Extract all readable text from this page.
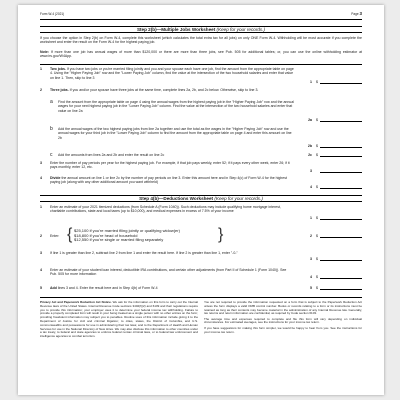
Form W-4 (2021)	Page 3
Step 2(b)—Multiple Jobs Worksheet (Keep for your records.)
If you choose the option in Step 2(b) on Form W-4, complete this worksheet (which calculates the total extra tax for all jobs) on only ONE Form W-4. Withholding will be most accurate if you complete the worksheet and enter the result on the Form W-4 for the highest paying job.
Note: If more than one job has annual wages of more than $120,000 or there are more than three jobs, see Pub. 505 for additional tables; or, you can use the online withholding estimator at www.irs.gov/W4App.
1	Two jobs. If you have two jobs or you're married filing jointly and you and your spouse each have one job, find the amount from the appropriate table on page 4. Using the "Higher Paying Job" row and the "Lower Paying Job" column, find the value at the intersection of the two household salaries and enter that value on line 1. Then, skip to line 3
1 $
2	Three jobs. If you and/or your spouse have three jobs at the same time, complete lines 2a, 2b, and 2c below. Otherwise, skip to line 3.
a Find the amount from the appropriate table on page 4 using the annual wages from the highest paying job in the "Higher Paying Job" row and the annual wages for your next highest paying job in the "Lower Paying Job" column. Find the value at the intersection of the two household salaries and enter that value on line 2a
2a $
b Add the annual wages of the two highest paying jobs from line 2a together and use the total as the wages in the "Higher Paying Job" row and use the annual wages for your third job in the "Lower Paying Job" column to find the amount from the appropriate table on page 4 and enter this amount on line 2b
2b $
c Add the amounts from lines 2a and 2b and enter the result on line 2c	2c $
3	Enter the number of pay periods per year for the highest paying job. For example, if that job pays weekly, enter 52; if it pays every other week, enter 26; if it pays monthly, enter 12, etc.
3
4	Divide the annual amount on line 1 or line 2c by the number of pay periods on line 3. Enter this amount here and in Step 4(c) of Form W-4 for the highest paying job (along with any other additional amount you want withheld)
4 $
Step 4(b)—Deductions Worksheet (Keep for your records.)
1	Enter an estimate of your 2021 itemized deductions (from Schedule A (Form 1040)). Such deductions may include qualifying home mortgage interest, charitable contributions, state and local taxes (up to $10,000), and medical expenses in excess of 7.5% of your income
1 $
2	Enter: { $25,100 if you're married filing jointly or qualifying widow(er)
$18,800 if you're head of household
$12,550 if you're single or married filing separately	}	2 $
3	If line 1 is greater than line 2, subtract line 2 from line 1 and enter the result here. If line 2 is greater than line 1, enter "-0-"
3 $
4	Enter an estimate of your student loan interest, deductible IRA contributions, and certain other adjustments (from Part II of Schedule 1 (Form 1040)). See Pub. 505 for more information
4 $
5	Add lines 3 and 4. Enter the result here and in Step 4(b) of Form W-4	5 $
Privacy Act and Paperwork Reduction Act Notice. We ask for the information on this form to carry out the Internal Revenue laws of the United States. Internal Revenue Code sections 3402(f)(2) and 6109 and their regulations require you to provide this information; your employer uses it to determine your federal income tax withholding. Failure to provide a properly completed form will result in your being treated as a single person with no other entries on the form; providing fraudulent information may subject you to penalties. Routine uses of this information include giving it to the Department of Justice for civil and criminal litigation; to cities, states, the District of Columbia, and U.S. commonwealths and possessions for use in administering their tax laws; and to the Department of Health and Human Services for use in the National Directory of New Hires. We may also disclose this information to other countries under a tax treaty, to federal and state agencies to enforce federal nontax criminal laws, or to federal law enforcement and intelligence agencies to combat terrorism.

You are not required to provide the information requested on a form that is subject to the Paperwork Reduction Act unless the form displays a valid OMB control number. Books or records relating to a form or its instructions must be retained as long as their contents may become material in the administration of any Internal Revenue law. Generally, tax returns and return information are confidential, as required by Code section 6103.

The average time and expenses required to complete and file this form will vary depending on individual circumstances. For estimated averages, see the instructions for your income tax return.

If you have suggestions for making this form simpler, we would be happy to hear from you. See the instructions for your income tax return.
